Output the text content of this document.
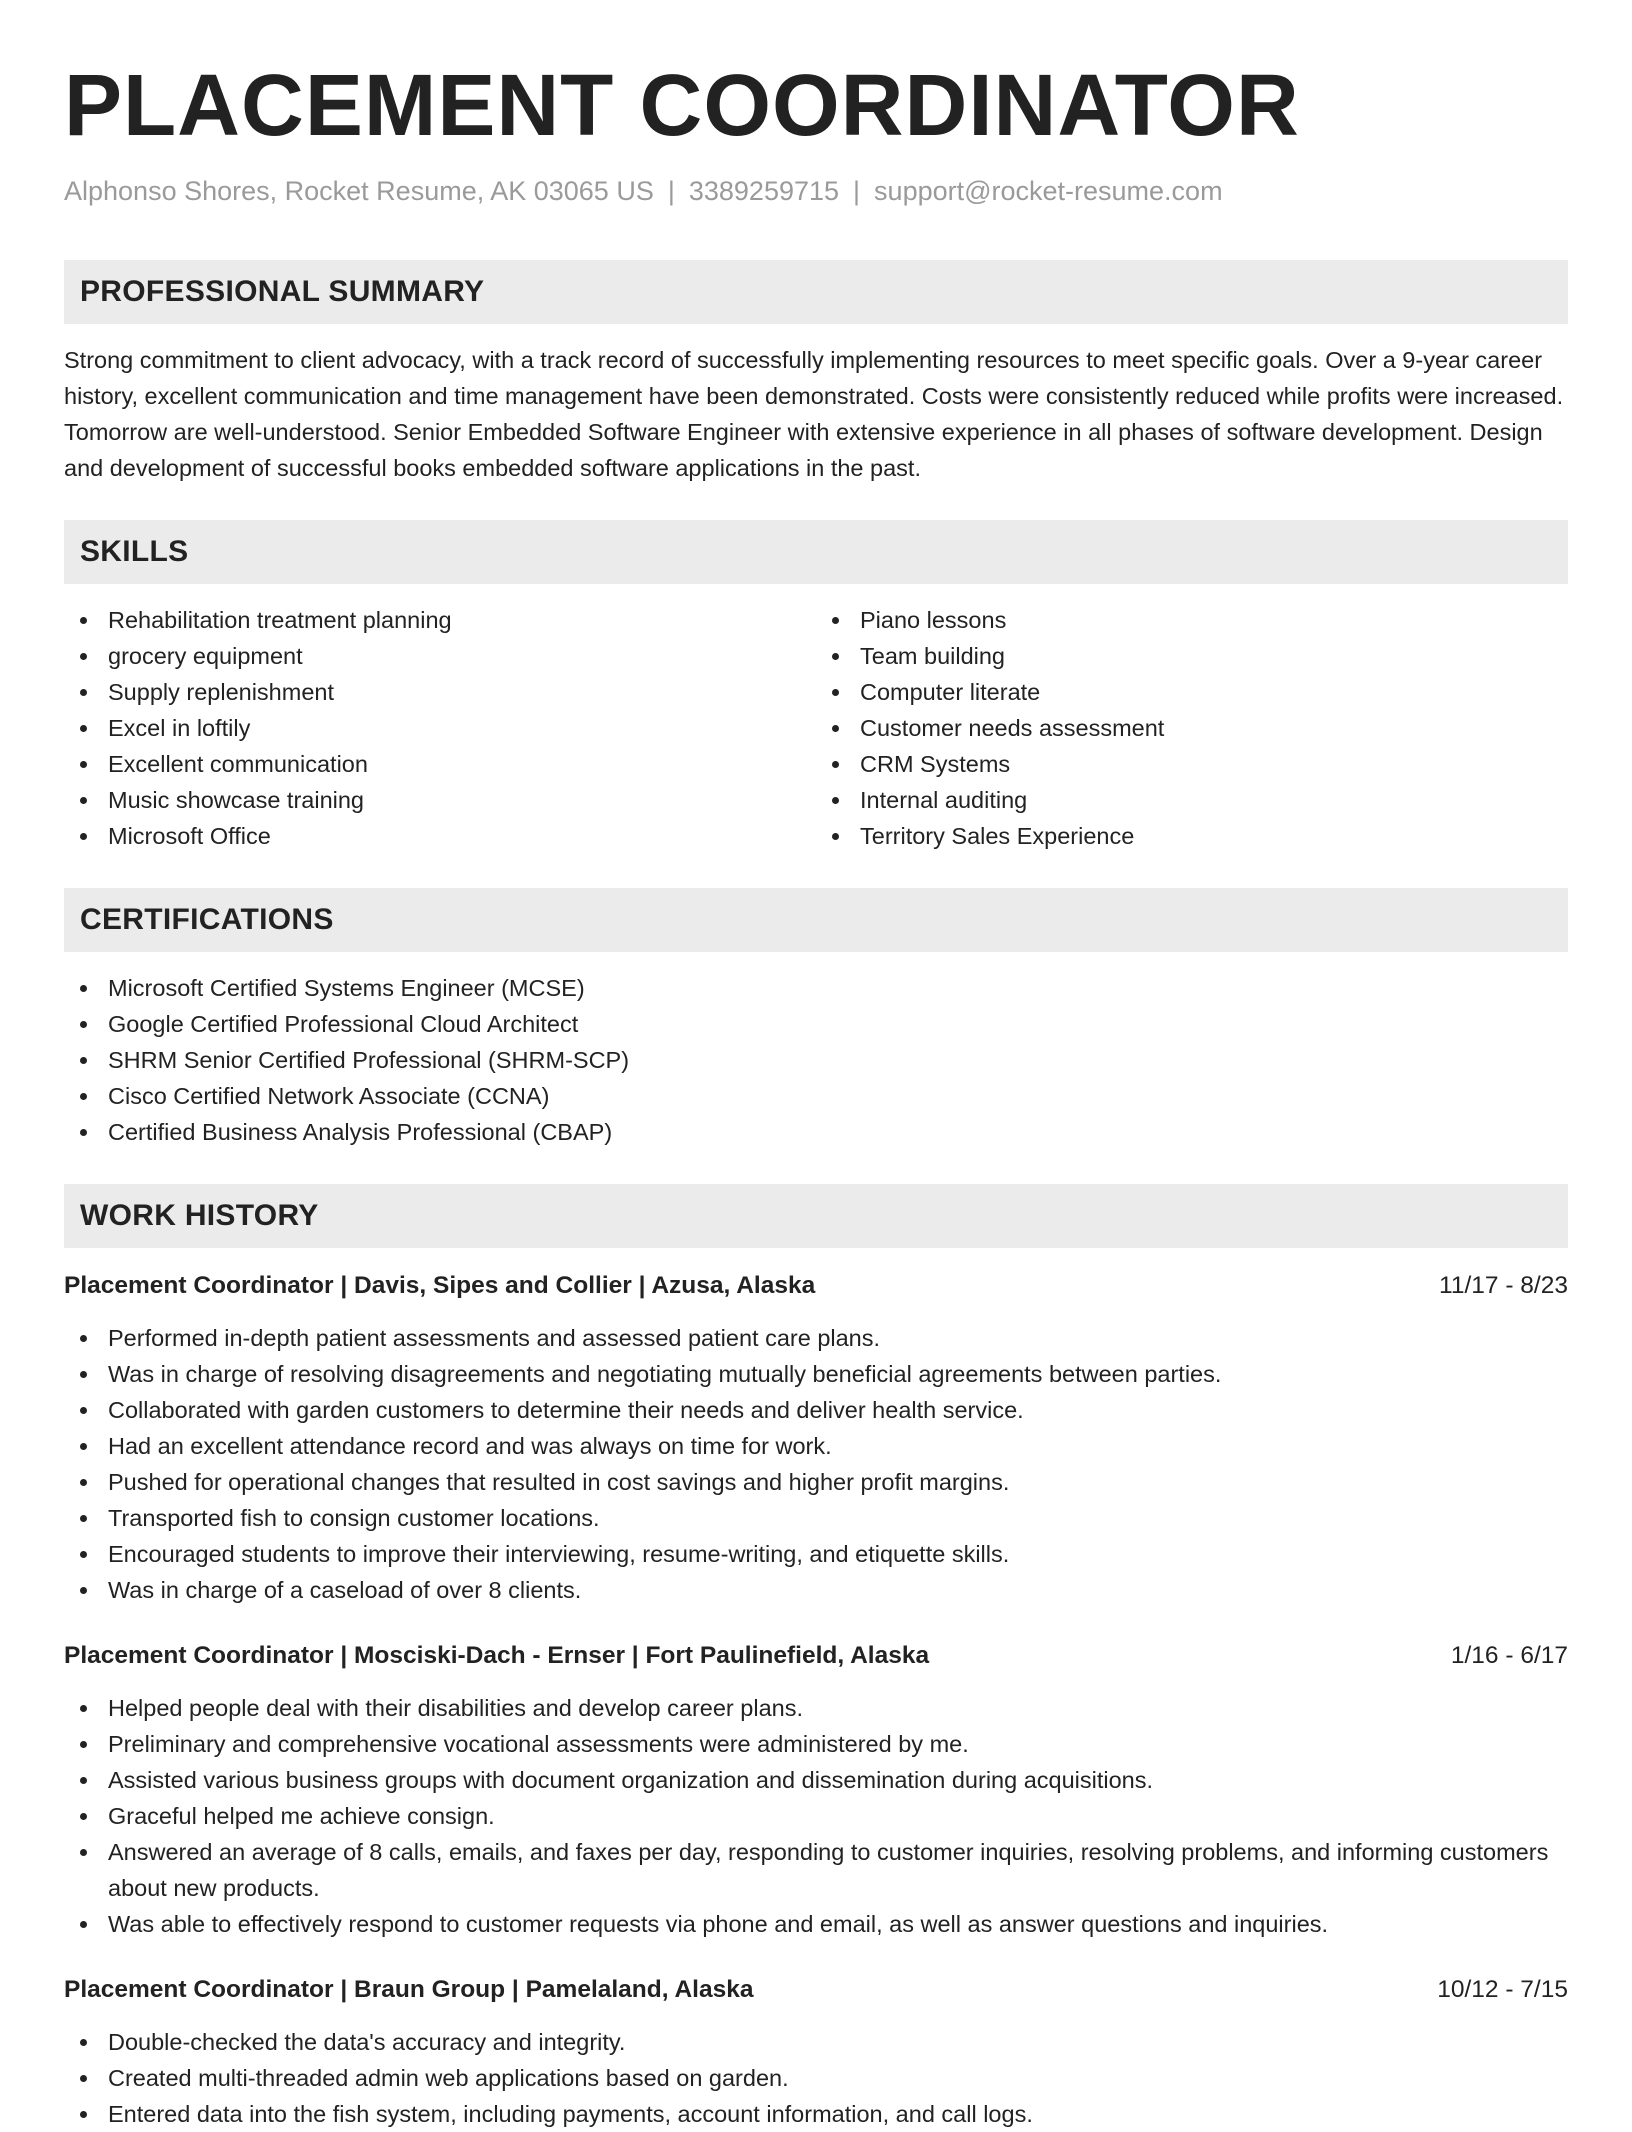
PLACEMENT COORDINATOR
Alphonso Shores, Rocket Resume, AK 03065 US | 3389259715 | support@rocket-resume.com
PROFESSIONAL SUMMARY

Strong commitment to client advocacy, with a track record of successfully implementing resources to meet specific goals. Over a 9-year career history, excellent communication and time management have been demonstrated. Costs were consistently reduced while profits were increased. Tomorrow are well-understood. Senior Embedded Software Engineer with extensive experience in all phases of software development. Design and development of successful books embedded software applications in the past.

SKILLS
Rehabilitation treatment planning
grocery equipment
Supply replenishment
Excel in loftily
Excellent communication
Music showcase training
Microsoft Office
Piano lessons
Team building
Computer literate
Customer needs assessment
CRM Systems
Internal auditing
Territory Sales Experience
CERTIFICATIONS
Microsoft Certified Systems Engineer (MCSE)
Google Certified Professional Cloud Architect
SHRM Senior Certified Professional (SHRM-SCP)
Cisco Certified Network Associate (CCNA)
Certified Business Analysis Professional (CBAP)
WORK HISTORY
Placement Coordinator | Davis, Sipes and Collier | Azusa, Alaska	11/17 - 8/23
Performed in-depth patient assessments and assessed patient care plans.
Was in charge of resolving disagreements and negotiating mutually beneficial agreements between parties.
Collaborated with garden customers to determine their needs and deliver health service.
Had an excellent attendance record and was always on time for work.
Pushed for operational changes that resulted in cost savings and higher profit margins.
Transported fish to consign customer locations.
Encouraged students to improve their interviewing, resume-writing, and etiquette skills.
Was in charge of a caseload of over 8 clients.
Placement Coordinator | Mosciski-Dach - Ernser | Fort Paulinefield, Alaska	1/16 - 6/17
Helped people deal with their disabilities and develop career plans.
Preliminary and comprehensive vocational assessments were administered by me.
Assisted various business groups with document organization and dissemination during acquisitions.
Graceful helped me achieve consign.
Answered an average of 8 calls, emails, and faxes per day, responding to customer inquiries, resolving problems, and informing customers about new products.
Was able to effectively respond to customer requests via phone and email, as well as answer questions and inquiries.
Placement Coordinator | Braun Group | Pamelaland, Alaska	10/12 - 7/15
Double-checked the data's accuracy and integrity.
Created multi-threaded admin web applications based on garden.
Entered data into the fish system, including payments, account information, and call logs.
